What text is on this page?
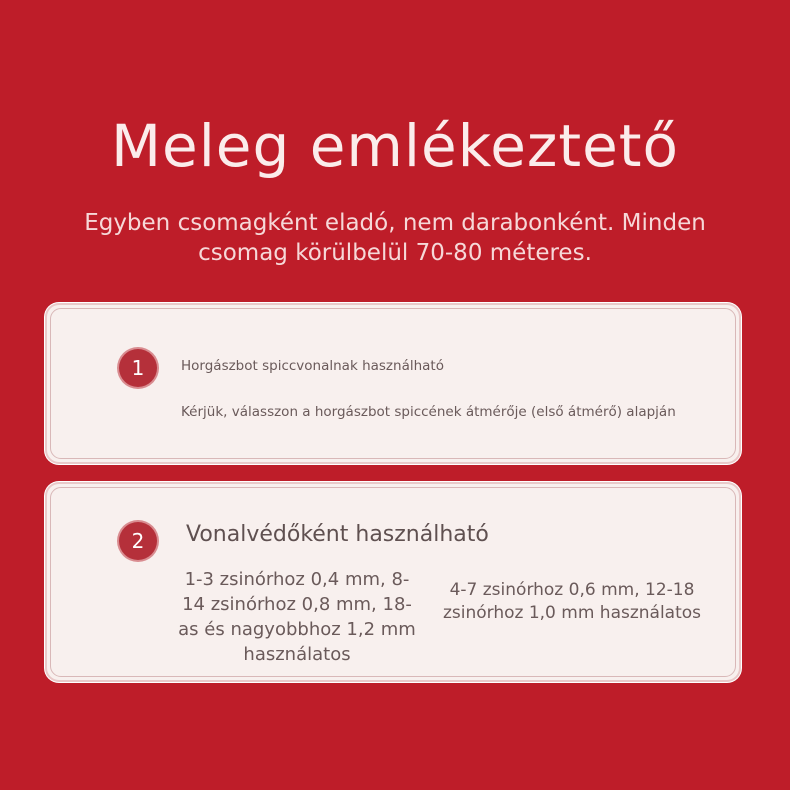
Meleg emlékeztető

Egyben csomagként eladó, nem darabonként. Minden csomag körülbelül 70-80 méteres.

1	Horgászbot spiccvonalnak használható
Kérjük, válasszon a horgászbot spiccének átmérője (első átmérő) alapján
2	Vonalvédőként használható
1-3 zsinórhoz 0,4 mm, 8-14 zsinórhoz 0,8 mm, 18-as és nagyobbhoz 1,2 mm használatos
4-7 zsinórhoz 0,6 mm, 12-18 zsinórhoz 1,0 mm használatos
